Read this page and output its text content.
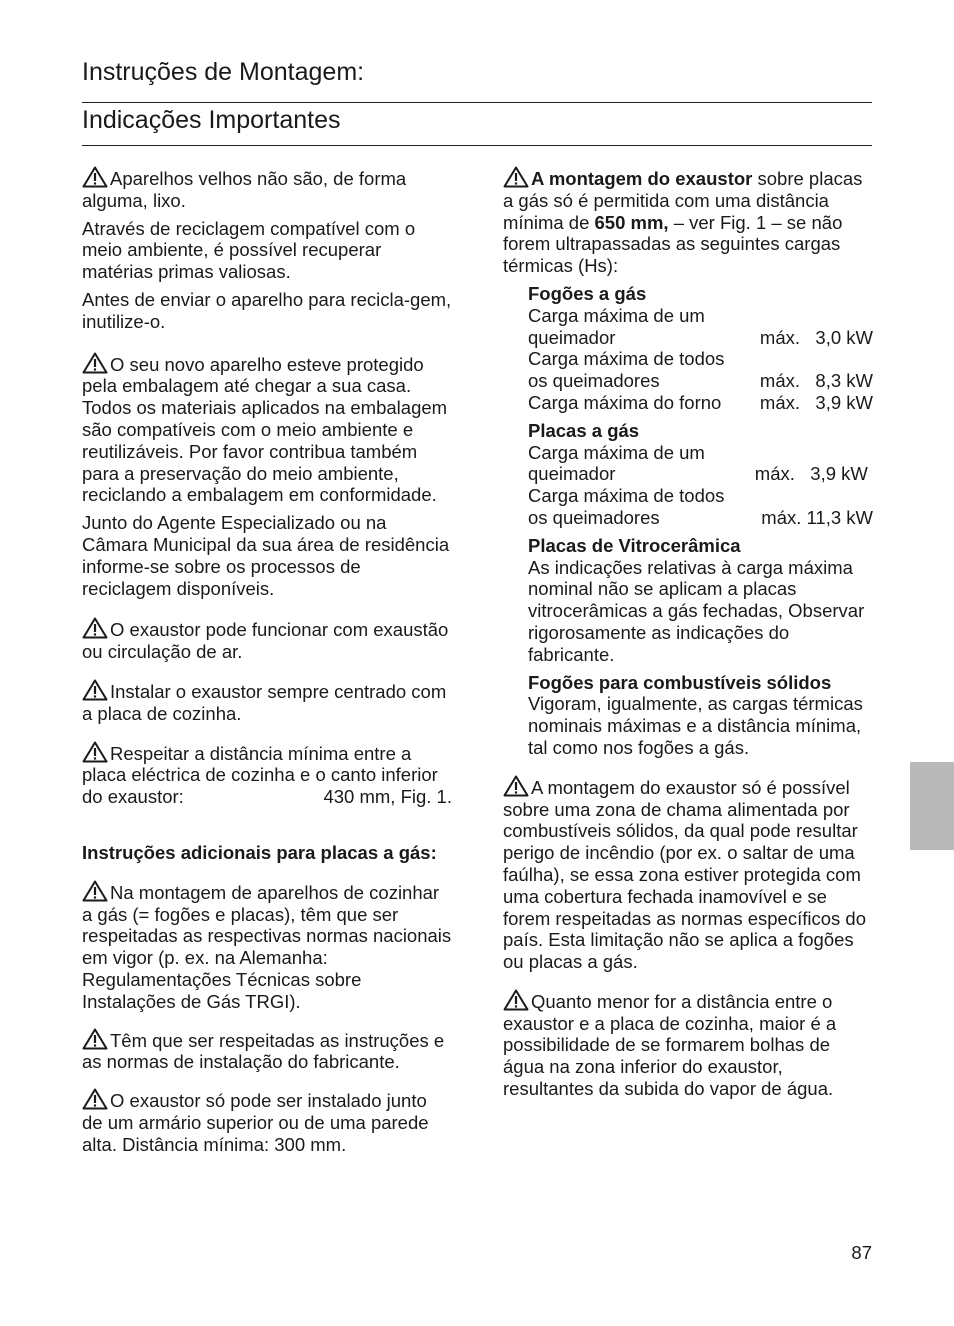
Instruções de Montagem:
Indicações Importantes

Aparelhos velhos não são, de forma alguma, lixo.

Através de reciclagem compatível com o meio ambiente, é possível recuperar matérias primas valiosas.

Antes de enviar o aparelho para recicla-gem, inutilize-o.

O seu novo aparelho esteve protegido pela embalagem até chegar a sua casa. Todos os materiais aplicados na embalagem são compatíveis com o meio ambiente e reutilizáveis. Por favor contribua também para a preservação do meio ambiente, reciclando a embalagem em conformidade.

Junto do Agente Especializado ou na Câmara Municipal da sua área de residência informe-se sobre os processos de reciclagem disponíveis.

O exaustor pode funcionar com exaustão ou circulação de ar.

Instalar o exaustor sempre centrado com a placa de cozinha.

Respeitar a distância mínima entre a placa eléctrica de cozinha e o canto inferior

do exaustor:	430 mm, Fig. 1.

Instruções adicionais para placas a gás:

Na montagem de aparelhos de cozinhar a gás (= fogões e placas), têm que ser respeitadas as respectivas normas nacionais em vigor (p. ex. na Alemanha: Regulamentações Técnicas sobre Instalações de Gás TRGI).

Têm que ser respeitadas as instruções e as normas de instalação do fabricante.

O exaustor só pode ser instalado junto de um armário superior ou de uma parede alta. Distância mínima: 300 mm.

A montagem do exaustor sobre placas a gás só é permitida com uma distância mínima de 650 mm, – ver Fig. 1 – se não forem ultrapassadas as seguintes cargas térmicas (Hs):

Fogões a gás

Carga máxima de um

queimador	máx.   3,0 kW

Carga máxima de todos

os queimadores	máx.   8,3 kW
Carga máxima do forno máx.   3,9 kW

Placas a gás

Carga máxima de um

queimador	máx.   3,9 kW

Carga máxima de todos

os queimadores	máx. 11,3 kW

Placas de Vitrocerâmica

As indicações relativas à carga máxima nominal não se aplicam a placas vitrocerâmicas a gás fechadas, Observar rigorosamente as indicações do fabricante.

Fogões para combustíveis sólidos

Vigoram, igualmente, as cargas térmicas nominais máximas e a distância mínima, tal como nos fogões a gás.

A montagem do exaustor só é possível sobre uma zona de chama alimentada por combustíveis sólidos, da qual pode resultar perigo de incêndio (por ex. o saltar de uma faúlha), se essa zona estiver protegida com uma cobertura fechada inamovível e se forem respeitadas as normas específicos do país. Esta limitação não se aplica a fogões ou placas a gás.

Quanto menor for a distância entre o exaustor e a placa de cozinha, maior é a possibilidade de se formarem bolhas de água na zona inferior do exaustor, resultantes da subida do vapor de água.

87
